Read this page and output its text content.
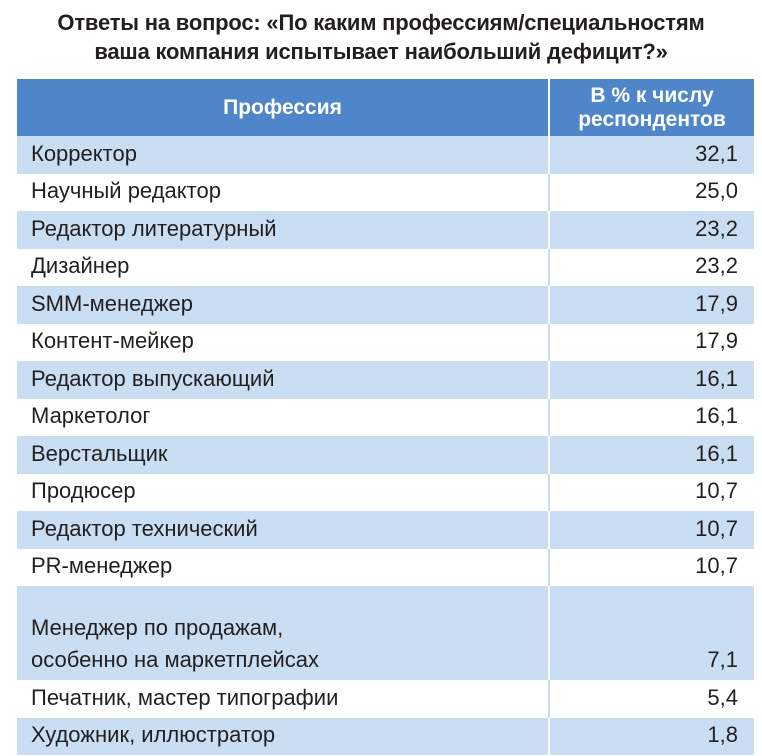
Ответы на вопрос: «По каким профессиям/специальностям
ваша компания испытывает наибольший дефицит?»
Профессия	В % к числу
респондентов

Корректор	32,1
Научный редактор	25,0
Редактор литературный	23,2
Дизайнер	23,2
SMM-менеджер	17,9
Контент-мейкер	17,9
Редактор выпускающий	16,1
Маркетолог	16,1
Верстальщик	16,1
Продюсер	10,7
Редактор технический	10,7
PR-менеджер	10,7

Менеджер по продажам,
особенно на маркетплейсах	7,1
Печатник, мастер типографии	5,4
Художник, иллюстратор	1,8
